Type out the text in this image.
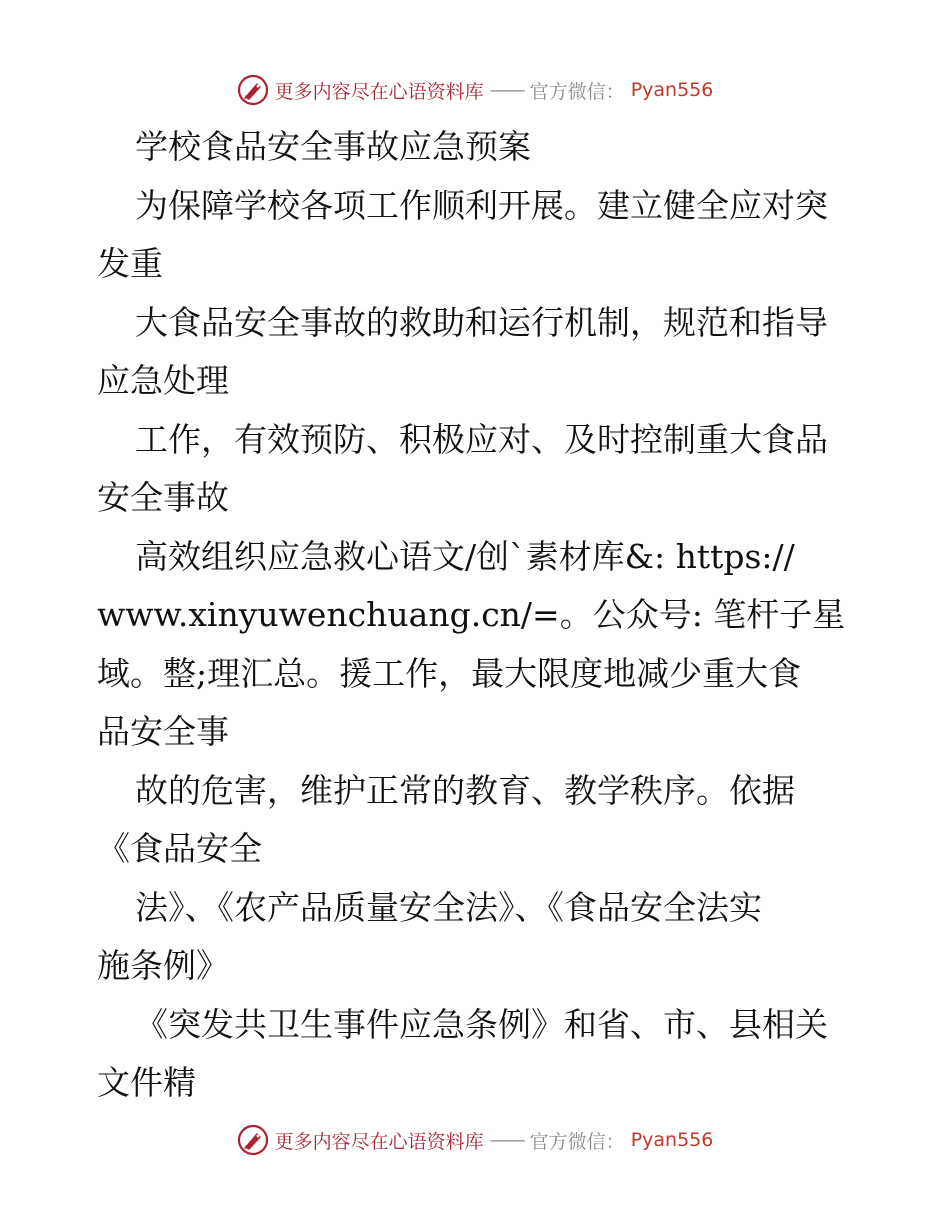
更多内容尽在心语资料库 —— 官方微信： Pyan556
学校食品安全事故应急预案
为保障学校各项工作顺利开展。建立健全应对突
发重
大食品安全事故的救助和运行机制，规范和指导
应急处理
工作，有效预防、积极应对、及时控制重大食品
安全事故
高效组织应急救心语文/创`素材库&: https://
www.xinyuwenchuang.cn/=。公众号: 笔杆子星
域。整;理汇总。援工作，最大限度地减少重大食
品安全事
故的危害，维护正常的教育、教学秩序。依据
《食品安全
法》、《农产品质量安全法》、《食品安全法实
施条例》
《突发共卫生事件应急条例》和省、市、县相关
文件精
更多内容尽在心语资料库 —— 官方微信： Pyan556
